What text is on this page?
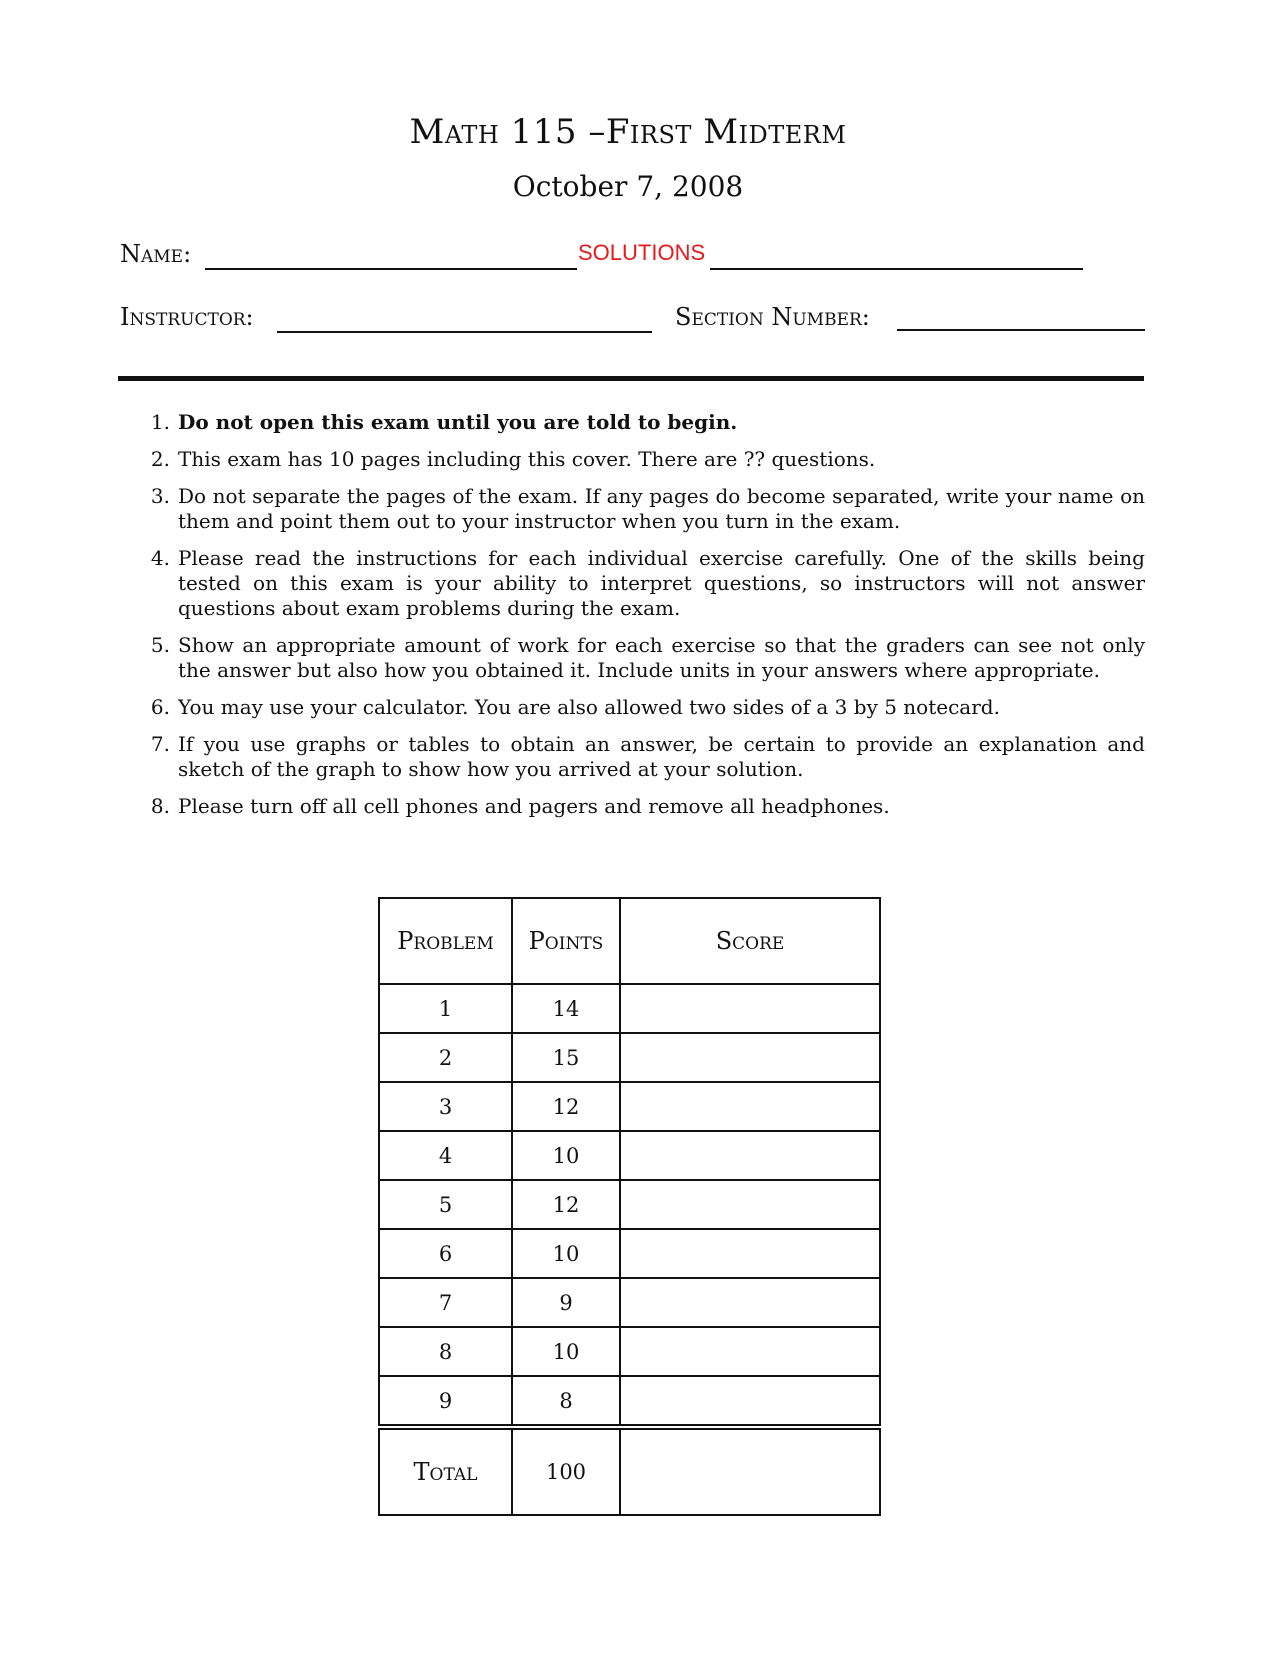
Math 115 –First Midterm
October 7, 2008
Name:	SOLUTIONS
Instructor:	Section Number:
1. Do not open this exam until you are told to begin.
2. This exam has 10 pages including this cover. There are ?? questions.
3. Do not separate the pages of the exam. If any pages do become separated, write your name on them and point them out to your instructor when you turn in the exam.
4. Please read the instructions for each individual exercise carefully. One of the skills being tested on this exam is your ability to interpret questions, so instructors will not answer questions about exam problems during the exam.
5. Show an appropriate amount of work for each exercise so that the graders can see not only the answer but also how you obtained it. Include units in your answers where appropriate.
6. You may use your calculator. You are also allowed two sides of a 3 by 5 notecard.
7. If you use graphs or tables to obtain an answer, be certain to provide an explanation and sketch of the graph to show how you arrived at your solution.
8. Please turn off all cell phones and pagers and remove all headphones.
Problem	Points	Score
1	14	
2	15	
3	12	
4	10	
5	12	
6	10	
7	9	
8	10	
9	8	
Total	100	
